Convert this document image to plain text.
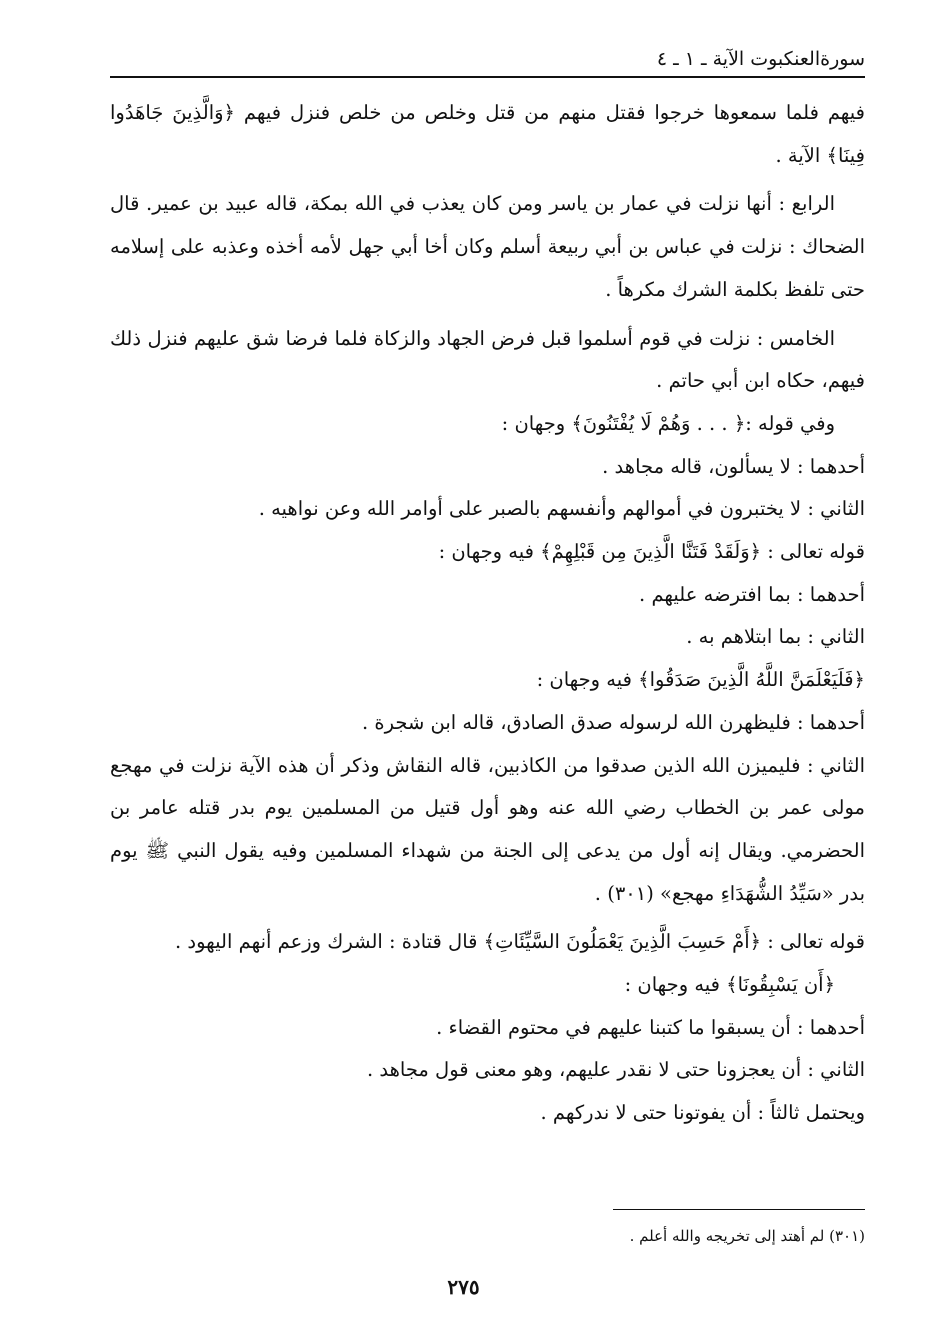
سورةالعنكبوت الآية ـ ١ ـ ٤

فيهم فلما سمعوها خرجوا فقتل منهم من قتل وخلص من خلص فنزل فيهم ﴿وَالَّذِينَ جَاهَدُوا فِينَا﴾ الآية .

الرابع : أنها نزلت في عمار بن ياسر ومن كان يعذب في الله بمكة، قاله عبيد بن عمير. قال الضحاك : نزلت في عباس بن أبي ربيعة أسلم وكان أخا أبي جهل لأمه أخذه وعذبه على إسلامه حتى تلفظ بكلمة الشرك مكرهاً .

الخامس : نزلت في قوم أسلموا قبل فرض الجهاد والزكاة فلما فرضا شق عليهم فنزل ذلك فيهم، حكاه ابن أبي حاتم .

وفي قوله :﴿ . . . وَهُمْ لَا يُفْتَنُونَ﴾ وجهان :

أحدهما : لا يسألون، قاله مجاهد .

الثاني : لا يختبرون في أموالهم وأنفسهم بالصبر على أوامر الله وعن نواهيه .

قوله تعالى : ﴿وَلَقَدْ فَتَنَّا الَّذِينَ مِن قَبْلِهِمْ﴾ فيه وجهان :

أحدهما : بما افترضه عليهم .

الثاني : بما ابتلاهم به .

﴿فَلَيَعْلَمَنَّ اللَّهُ الَّذِينَ صَدَقُوا﴾ فيه وجهان :

أحدهما : فليظهرن الله لرسوله صدق الصادق، قاله ابن شجرة .

الثاني : فليميزن الله الذين صدقوا من الكاذبين، قاله النقاش وذكر أن هذه الآية نزلت في مهجع مولى عمر بن الخطاب رضي الله عنه وهو أول قتيل من المسلمين يوم بدر قتله عامر بن الحضرمي. ويقال إنه أول من يدعى إلى الجنة من شهداء المسلمين وفيه يقول النبي ﷺ يوم بدر «سَيِّدُ الشُّهَدَاءِ مهجع» (٣٠١) .

قوله تعالى : ﴿أَمْ حَسِبَ الَّذِينَ يَعْمَلُونَ السَّيِّئَاتِ﴾ قال قتادة : الشرك وزعم أنهم اليهود .

﴿أَن يَسْبِقُونَا﴾ فيه وجهان :

أحدهما : أن يسبقوا ما كتبنا عليهم في محتوم القضاء .

الثاني : أن يعجزونا حتى لا نقدر عليهم، وهو معنى قول مجاهد .

ويحتمل ثالثاً : أن يفوتونا حتى لا ندركهم .

(٣٠١) لم أهتد إلى تخريجه والله أعلم .
٢٧٥
